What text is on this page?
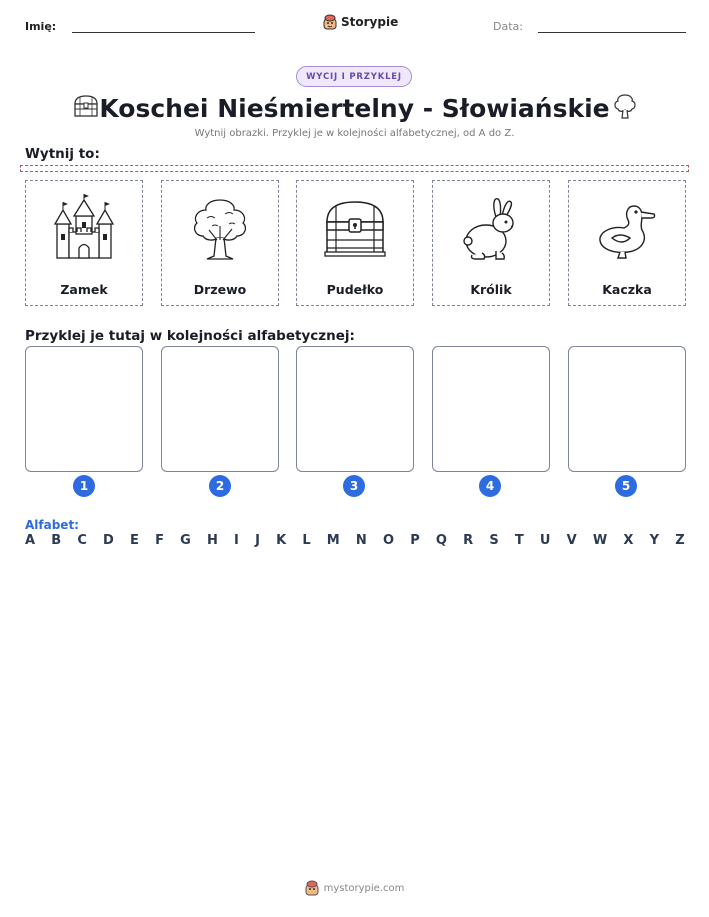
Imię:	Storypie	Data:
WYCIJ I PRZYKLEJ
Koschei Nieśmiertelny - Słowiańskie
Wytnij obrazki. Przyklej je w kolejności alfabetycznej, od A do Z.
Wytnij to:
Zamek	Drzewo	Pudełko	Królik	Kaczka
Przyklej je tutaj w kolejności alfabetycznej:
1	2	3	4	5
Alfabet:
A B C D E F G H I J K L M N O P Q R S T U V W X Y Z
mystorypie.com
